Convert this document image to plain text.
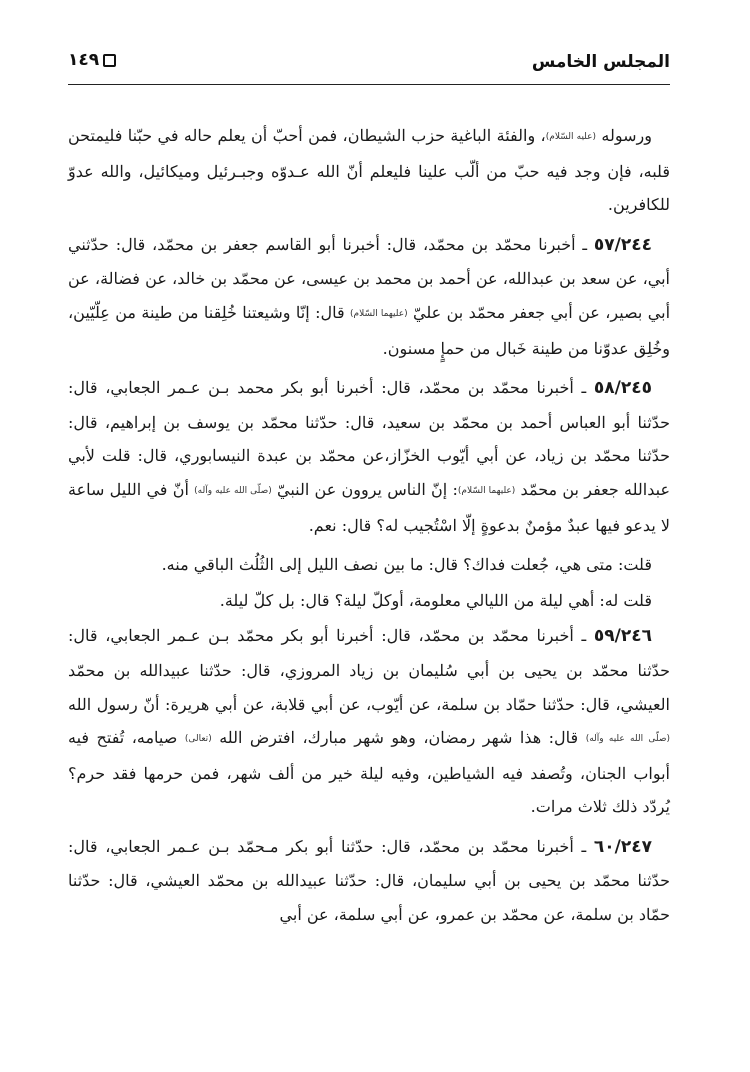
المجلس الخامس
١٤٩

ورسوله (عليه السّلام)، والفئة الباغية حزب الشيطان، فمن أحبّ أن يعلم حاله في حبّنا فليمتحن قلبه، فإن وجد فيه حبّ من ألّب علينا فليعلم أنّ الله عـدوّه وجبـرئيل وميكائيل، والله عدوّ للكافرين.

٥٧/٢٤٤ ـ أخبرنا محمّد بن محمّد، قال: أخبرنا أبو القاسم جعفر بن محمّد، قال: حدّثني أبي، عن سعد بن عبدالله، عن أحمد بن محمد بن عيسى، عن محمّد بن خالد، عن فضالة، عن أبي بصير، عن أبي جعفر محمّد بن عليّ (عليهما السّلام) قال: إنّا وشيعتنا خُلِقنا من طينة من عِلّيّين، وخُلِق عدوّنا من طينة خَبال من حمإٍ مسنون.

٥٨/٢٤٥ ـ أخبرنا محمّد بن محمّد، قال: أخبرنا أبو بكر محمد بـن عـمر الجعابي، قال: حدّثنا أبو العباس أحمد بن محمّد بن سعيد، قال: حدّثنا محمّد بن يوسف بن إبراهيم، قال: حدّثنا محمّد بن زياد، عن أبي أيّوب الخزّاز،عن محمّد بن عبدة النيسابوري، قال: قلت لأبي عبدالله جعفر بن محمّد (عليهما السّلام): إنّ الناس يروون عن النبيّ (صلّى الله عليه وآله) أنّ في الليل ساعة لا يدعو فيها عبدٌ مؤمنٌ بدعوةٍ إلّا اسْتُجيب له؟ قال: نعم.

قلت: متى هي، جُعلت فداك؟ قال: ما بين نصف الليل إلى الثُلُث الباقي منه.

قلت له: أهي ليلة من الليالي معلومة، أوكلّ ليلة؟ قال: بل كلّ ليلة.

٥٩/٢٤٦ ـ أخبرنا محمّد بن محمّد، قال: أخبرنا أبو بكر محمّد بـن عـمر الجعابي، قال: حدّثنا محمّد بن يحيى بن أبي سُليمان بن زياد المروزي، قال: حدّثنا عبيدالله بن محمّد العيشي، قال: حدّثنا حمّاد بن سلمة، عن أيّوب، عن أبي قلابة، عن أبي هريرة: أنّ رسول الله (صلّى الله عليه وآله) قال: هذا شهر رمضان، وهو شهر مبارك، افترض الله (تعالى) صيامه، تُفتح فيه أبواب الجنان، وتُصفد فيه الشياطين، وفيه ليلة خير من ألف شهر، فمن حرمها فقد حرم؟ يُردّد ذلك ثلاث مرات.

٦٠/٢٤٧ ـ أخبرنا محمّد بن محمّد، قال: حدّثنا أبو بكر مـحمّد بـن عـمر الجعابي، قال: حدّثنا محمّد بن يحيى بن أبي سليمان، قال: حدّثنا عبيدالله بن محمّد العيشي، قال: حدّثنا حمّاد بن سلمة، عن محمّد بن عمرو، عن أبي سلمة، عن أبي
